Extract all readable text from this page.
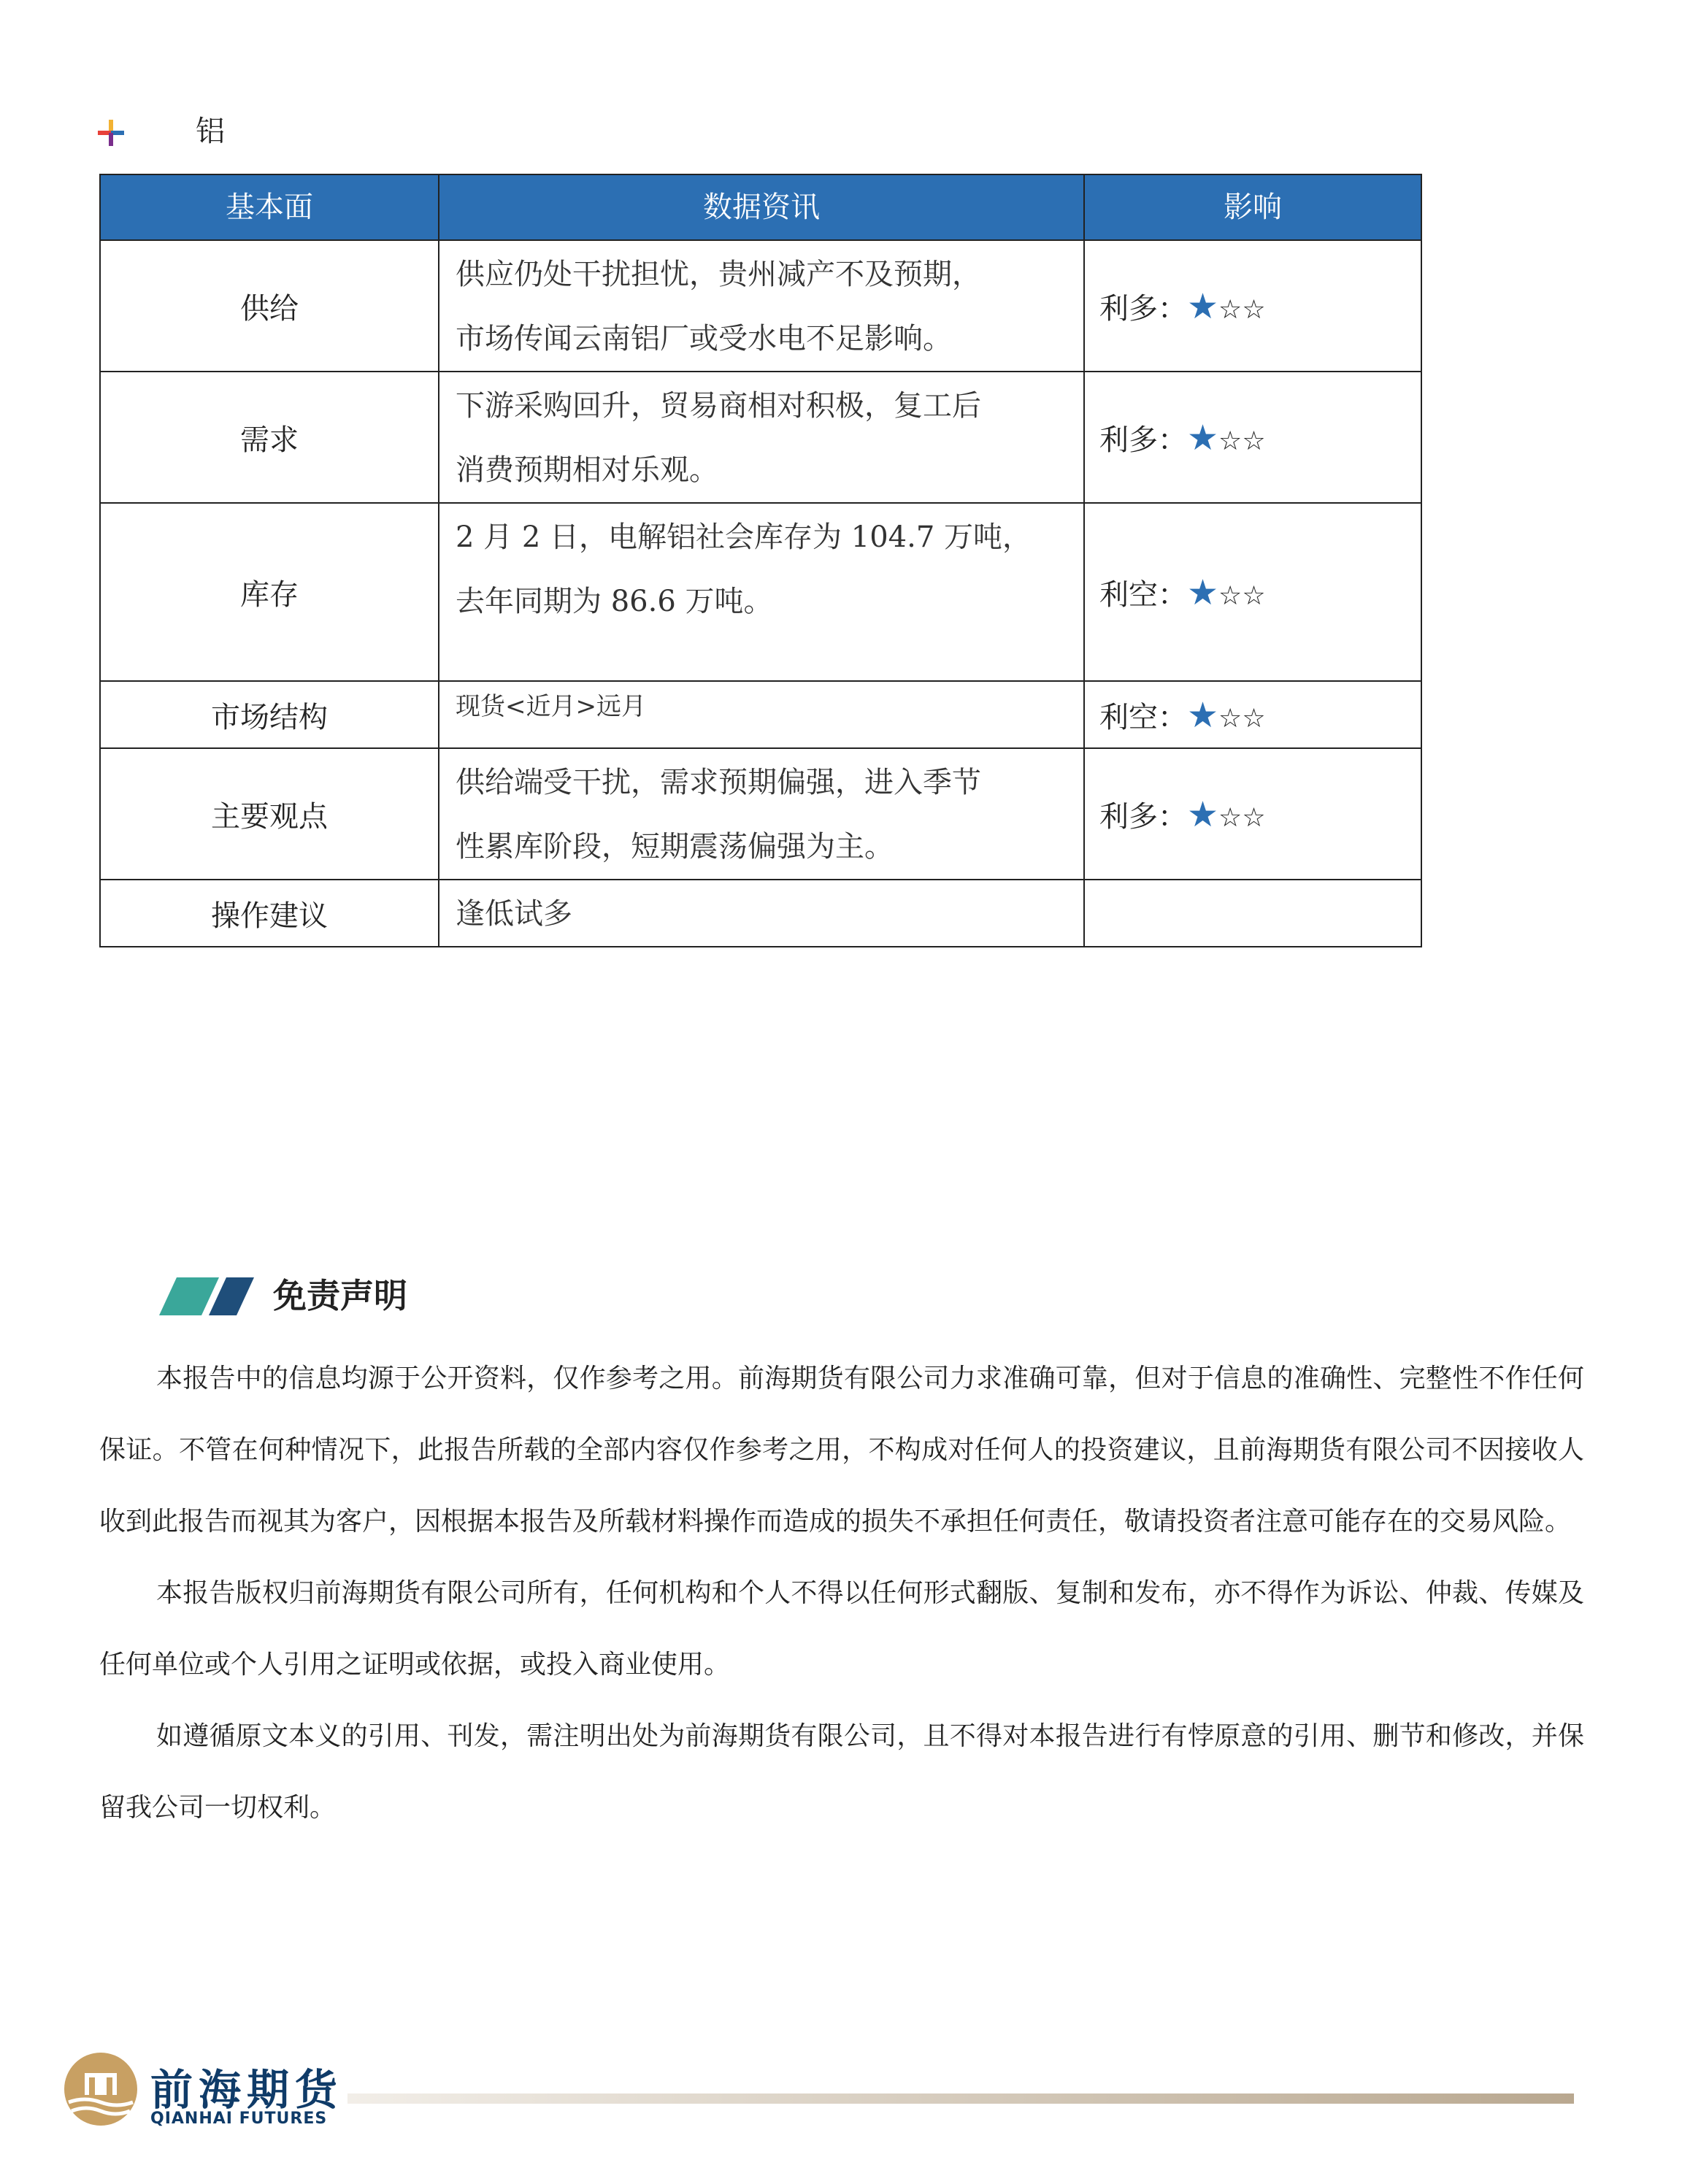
铝
基本面	数据资讯	影响
供给	供应仍处干扰担忧，贵州减产不及预期，
市场传闻云南铝厂或受水电不足影响。	利多：★☆☆
需求	下游采购回升，贸易商相对积极，复工后
消费预期相对乐观。	利多：★☆☆
库存	2 月 2 日，电解铝社会库存为 104.7 万吨，
去年同期为 86.6 万吨。	利空：★☆☆
市场结构	现货<近月>远月	利空：★☆☆
主要观点	供给端受干扰，需求预期偏强，进入季节
性累库阶段，短期震荡偏强为主。	利多：★☆☆
操作建议	逢低试多	

免责声明

本报告中的信息均源于公开资料，仅作参考之用。前海期货有限公司力求准确可靠，但对于信息的准确性、完整性不作任何保证。不管在何种情况下，此报告所载的全部内容仅作参考之用，不构成对任何人的投资建议，且前海期货有限公司不因接收人收到此报告而视其为客户，因根据本报告及所载材料操作而造成的损失不承担任何责任，敬请投资者注意可能存在的交易风险。

本报告版权归前海期货有限公司所有，任何机构和个人不得以任何形式翻版、复制和发布，亦不得作为诉讼、仲裁、传媒及任何单位或个人引用之证明或依据，或投入商业使用。

如遵循原文本义的引用、刊发，需注明出处为前海期货有限公司，且不得对本报告进行有悖原意的引用、删节和修改，并保留我公司一切权利。

前海期货
QIANHAI FUTURES
